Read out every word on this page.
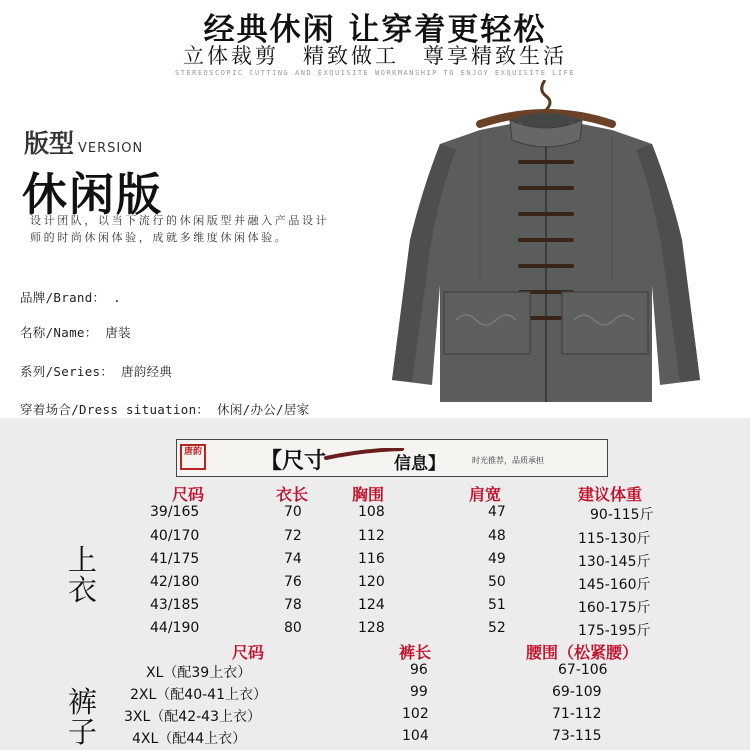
经典休闲 让穿着更轻松
立体裁剪　精致做工　尊享精致生活
STEREOSCOPIC CUTTING AND EXQUISITE WORKMANSHIP TO ENJOY EXQUISITE LIFE
版型 VERSION
休闲版
设计团队，以当下流行的休闲版型并融入产品设计师的时尚休闲体验，成就多维度休闲体验。
品牌/Brand： .
名称/Name： 唐装
系列/Series： 唐韵经典
穿着场合/Dress situation： 休闲/办公/居家
唐韵	【尺寸	信息】	时光推荐，品质承担
上
衣
尺码	衣长	胸围	肩宽	建议体重
39/165	70	108	47	90-115斤
40/170	72	112	48	115-130斤
41/175	74	116	49	130-145斤
42/180	76	120	50	145-160斤
43/185	78	124	51	160-175斤
44/190	80	128	52	175-195斤
裤
子
尺码	裤长	腰围（松紧腰）
XL（配39上衣）	96	67-106
2XL（配40-41上衣）	99	69-109
3XL（配42-43上衣）	102	71-112
4XL（配44上衣）	104	73-115
